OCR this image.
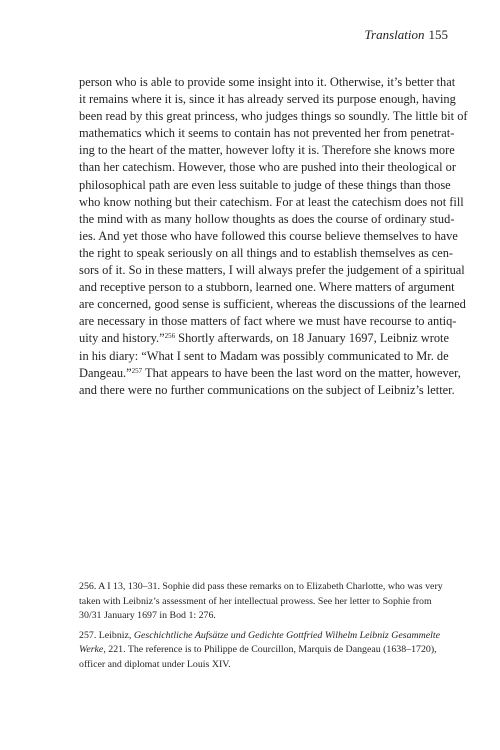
Translation 155
person who is able to provide some insight into it. Otherwise, it’s better that
it remains where it is, since it has already served its purpose enough, having
been read by this great princess, who judges things so soundly. The little bit of
mathematics which it seems to contain has not prevented her from penetrat-
ing to the heart of the matter, however lofty it is. Therefore she knows more
than her catechism. However, those who are pushed into their theological or
philosophical path are even less suitable to judge of these things than those
who know nothing but their catechism. For at least the catechism does not fill
the mind with as many hollow thoughts as does the course of ordinary stud-
ies. And yet those who have followed this course believe themselves to have
the right to speak seriously on all things and to establish themselves as cen-
sors of it. So in these matters, I will always prefer the judgement of a spiritual
and receptive person to a stubborn, learned one. Where matters of argument
are concerned, good sense is sufficient, whereas the discussions of the learned
are necessary in those matters of fact where we must have recourse to antiq-
uity and history.”$^{256}$ Shortly afterwards, on 18 January 1697, Leibniz wrote
in his diary: “What I sent to Madam was possibly communicated to Mr. de
Dangeau.”$^{257}$ That appears to have been the last word on the matter, however,
and there were no further communications on the subject of Leibniz’s letter.
256. A I 13, 130–31. Sophie did pass these remarks on to Elizabeth Charlotte, who was very
taken with Leibniz’s assessment of her intellectual prowess. See her letter to Sophie from
30/31 January 1697 in Bod 1: 276.
257. Leibniz, Geschichtliche Aufsätze und Gedichte Gottfried Wilhelm Leibniz Gesammelte
Werke, 221. The reference is to Philippe de Courcillon, Marquis de Dangeau (1638–1720),
officer and diplomat under Louis XIV.
